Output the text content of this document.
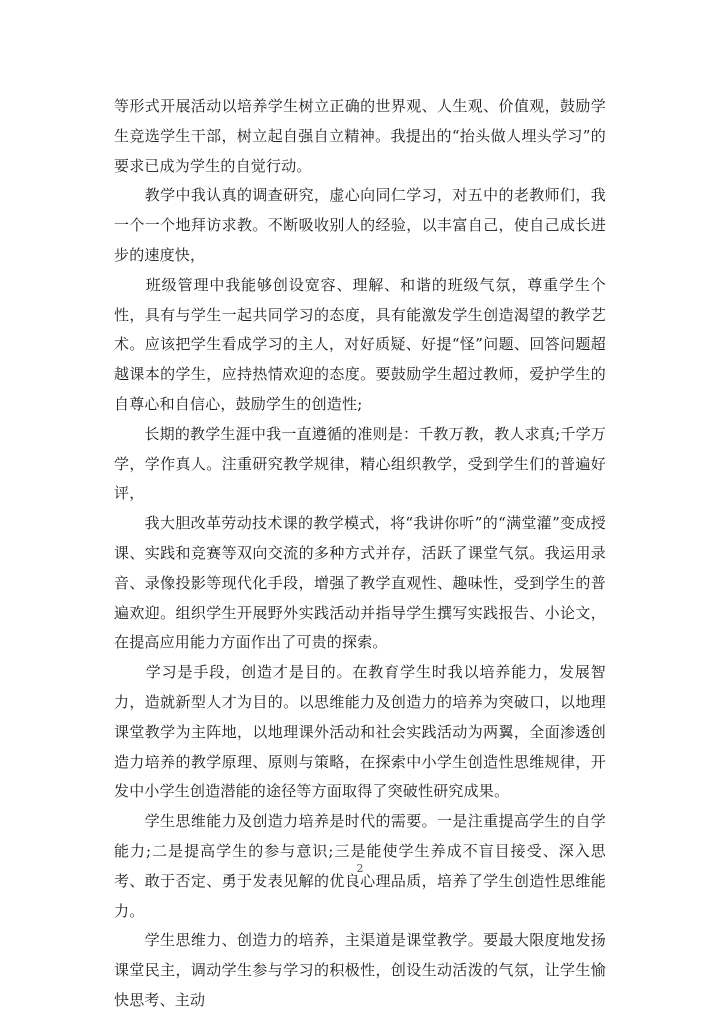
等形式开展活动以培养学生树立正确的世界观、人生观、价值观，鼓励学生竞选学生干部，树立起自强自立精神。我提出的“抬头做人埋头学习”的要求已成为学生的自觉行动。

　　教学中我认真的调查研究，虚心向同仁学习，对五中的老教师们，我一个一个地拜访求教。不断吸收别人的经验，以丰富自己，使自己成长进步的速度快，

　　班级管理中我能够创设宽容、理解、和谐的班级气氛，尊重学生个性，具有与学生一起共同学习的态度，具有能激发学生创造渴望的教学艺术。应该把学生看成学习的主人，对好质疑、好提“怪”问题、回答问题超越课本的学生，应持热情欢迎的态度。要鼓励学生超过教师，爱护学生的自尊心和自信心，鼓励学生的创造性;

　　长期的教学生涯中我一直遵循的准则是：千教万教，教人求真;千学万学，学作真人。注重研究教学规律，精心组织教学，受到学生们的普遍好评，

　　我大胆改革劳动技术课的教学模式，将“我讲你听”的“满堂灌”变成授课、实践和竞赛等双向交流的多种方式并存，活跃了课堂气氛。我运用录音、录像投影等现代化手段，增强了教学直观性、趣味性，受到学生的普遍欢迎。组织学生开展野外实践活动并指导学生撰写实践报告、小论文，在提高应用能力方面作出了可贵的探索。

　　学习是手段，创造才是目的。在教育学生时我以培养能力，发展智力，造就新型人才为目的。以思维能力及创造力的培养为突破口，以地理课堂教学为主阵地，以地理课外活动和社会实践活动为两翼，全面渗透创造力培养的教学原理、原则与策略，在探索中小学生创造性思维规律，开发中小学生创造潜能的途径等方面取得了突破性研究成果。

　　学生思维能力及创造力培养是时代的需要。一是注重提高学生的自学能力;二是提高学生的参与意识;三是能使学生养成不盲目接受、深入思考、敢于否定、勇于发表见解的优良心理品质，培养了学生创造性思维能力。

　　学生思维力、创造力的培养，主渠道是课堂教学。要最大限度地发扬课堂民主，调动学生参与学习的积极性，创设生动活泼的气氛，让学生愉快思考、主动

2
